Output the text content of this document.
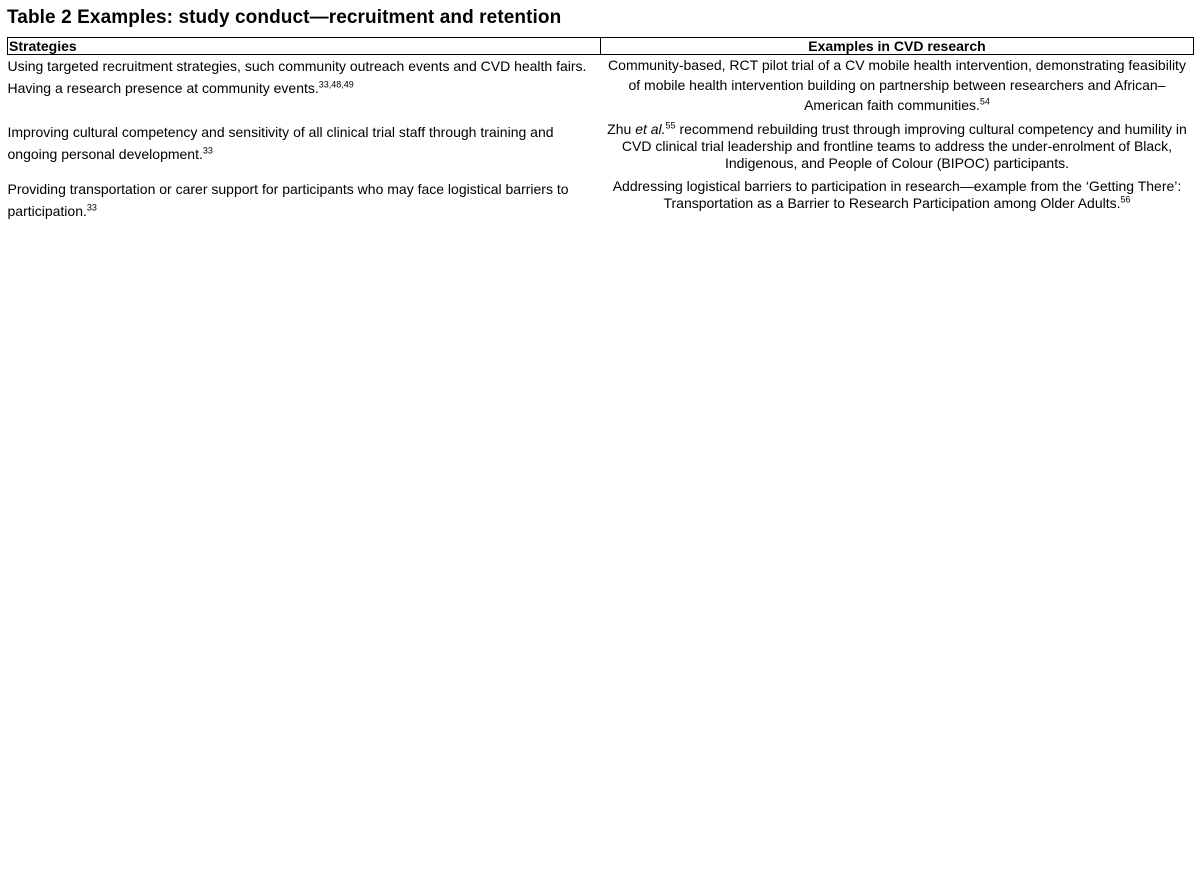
Table 2 Examples: study conduct—recruitment and retention
Strategies	Examples in CVD research
Using targeted recruitment strategies, such community outreach events and CVD health fairs. Having a research presence at community events.$^{33,48,49}$	Community-based, RCT pilot trial of a CV mobile health intervention, demonstrating feasibility of mobile health intervention building on partnership between researchers and African–American faith communities.$^{54}$
Improving cultural competency and sensitivity of all clinical trial staff through training and ongoing personal development.$^{33}$	Zhu et al.$^{55}$ recommend rebuilding trust through improving cultural competency and humility in CVD clinical trial leadership and frontline teams to address the under-enrolment of Black, Indigenous, and People of Colour (BIPOC) participants.
Providing transportation or carer support for participants who may face logistical barriers to participation.$^{33}$	Addressing logistical barriers to participation in research—example from the ‘Getting There’: Transportation as a Barrier to Research Participation among Older Adults.$^{56}$
